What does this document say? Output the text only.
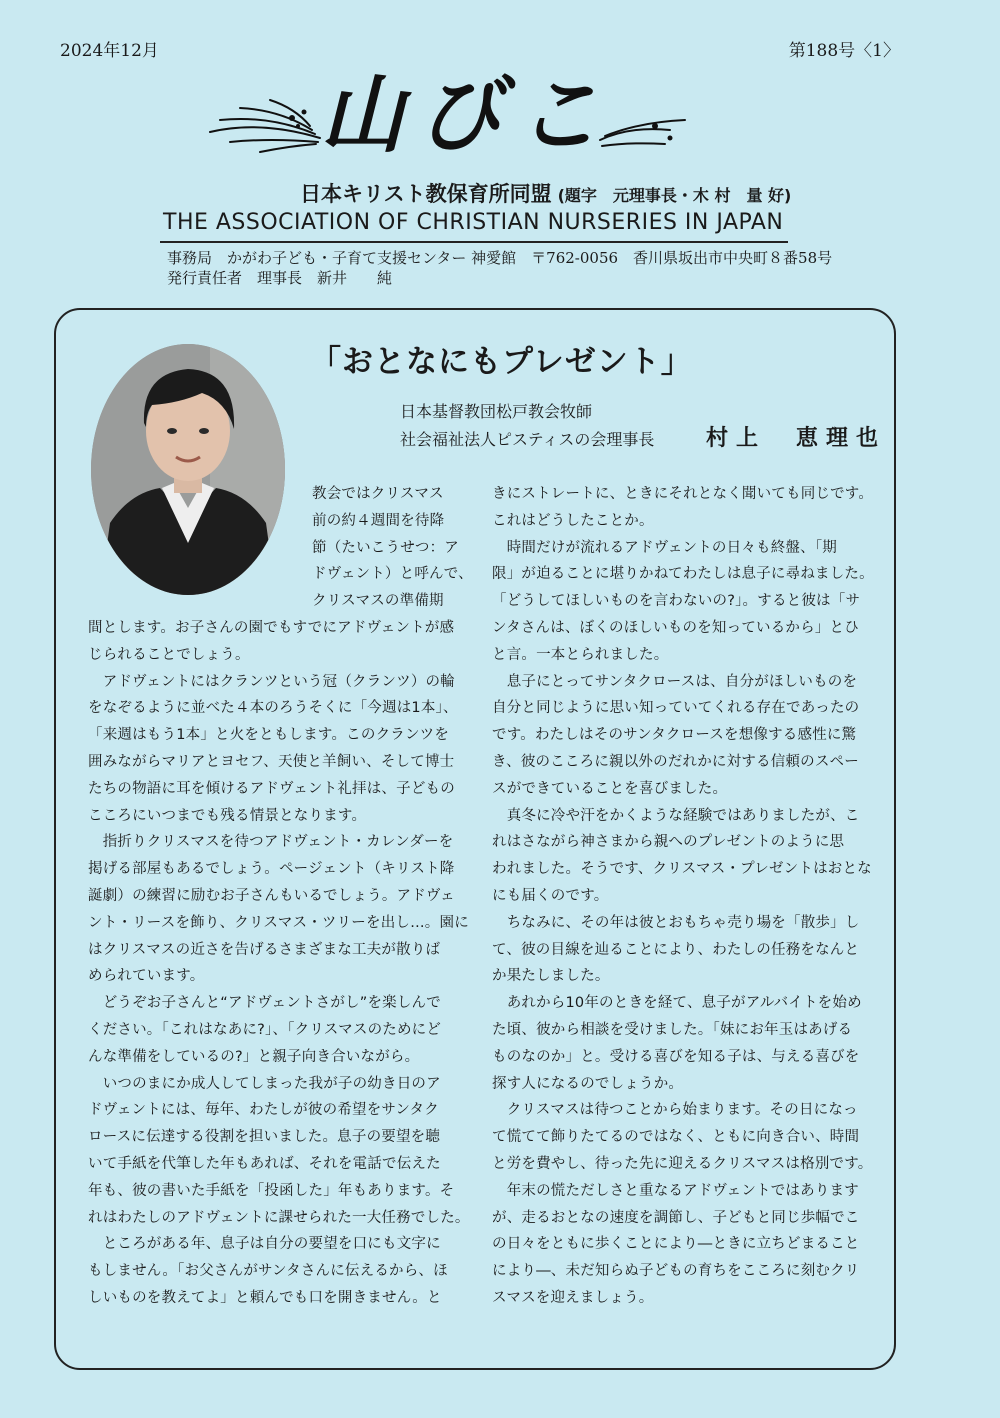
2024年12月	第188号〈1〉
山びこ
日本キリスト教保育所同盟 (題字　元理事長・木 村　量 好)
THE ASSOCIATION OF CHRISTIAN NURSERIES IN JAPAN
事務局　かがわ子ども・子育て支援センター 神愛館　〒762-0056　香川県坂出市中央町８番58号
発行責任者　理事長　新井　　純
「おとなにもプレゼント」
日本基督教団松戸教会牧師
社会福祉法人ピスティスの会理事長 村上　恵理也
教会ではクリスマス
前の約４週間を待降
節（たいこうせつ：ア
ドヴェント）と呼んで、
クリスマスの準備期
間とします。お子さんの園でもすでにアドヴェントが感
じられることでしょう。
　アドヴェントにはクランツという冠（クランツ）の輪
をなぞるように並べた４本のろうそくに「今週は1本」、
「来週はもう1本」と火をともします。このクランツを
囲みながらマリアとヨセフ、天使と羊飼い、そして博士
たちの物語に耳を傾けるアドヴェント礼拝は、子どもの
こころにいつまでも残る情景となります。
　指折りクリスマスを待つアドヴェント・カレンダーを
掲げる部屋もあるでしょう。ページェント（キリスト降
誕劇）の練習に励むお子さんもいるでしょう。アドヴェ
ント・リースを飾り、クリスマス・ツリーを出し…。園に
はクリスマスの近さを告げるさまざまな工夫が散りば
められています。
　どうぞお子さんと“アドヴェントさがし”を楽しんで
ください。「これはなあに?」、「クリスマスのためにど
んな準備をしているの?」と親子向き合いながら。
　いつのまにか成人してしまった我が子の幼き日のア
ドヴェントには、毎年、わたしが彼の希望をサンタク
ロースに伝達する役割を担いました。息子の要望を聴
いて手紙を代筆した年もあれば、それを電話で伝えた
年も、彼の書いた手紙を「投函した」年もあります。そ
れはわたしのアドヴェントに課せられた一大任務でした。
　ところがある年、息子は自分の要望を口にも文字に
もしません。「お父さんがサンタさんに伝えるから、ほ
しいものを教えてよ」と頼んでも口を開きません。と
きにストレートに、ときにそれとなく聞いても同じです。
これはどうしたことか。
　時間だけが流れるアドヴェントの日々も終盤、「期
限」が迫ることに堪りかねてわたしは息子に尋ねました。
「どうしてほしいものを言わないの?」。すると彼は「サ
ンタさんは、ぼくのほしいものを知っているから」とひ
と言。一本とられました。
　息子にとってサンタクロースは、自分がほしいものを
自分と同じように思い知っていてくれる存在であったの
です。わたしはそのサンタクロースを想像する感性に驚
き、彼のこころに親以外のだれかに対する信頼のスペー
スができていることを喜びました。
　真冬に冷や汗をかくような経験ではありましたが、こ
れはさながら神さまから親へのプレゼントのように思
われました。そうです、クリスマス・プレゼントはおとな
にも届くのです。
　ちなみに、その年は彼とおもちゃ売り場を「散歩」し
て、彼の目線を辿ることにより、わたしの任務をなんと
か果たしました。
　あれから10年のときを経て、息子がアルバイトを始め
た頃、彼から相談を受けました。「妹にお年玉はあげる
ものなのか」と。受ける喜びを知る子は、与える喜びを
探す人になるのでしょうか。
　クリスマスは待つことから始まります。その日になっ
て慌てて飾りたてるのではなく、ともに向き合い、時間
と労を費やし、待った先に迎えるクリスマスは格別です。
　年末の慌ただしさと重なるアドヴェントではあります
が、走るおとなの速度を調節し、子どもと同じ歩幅でこ
の日々をともに歩くことにより―ときに立ちどまること
により―、未だ知らぬ子どもの育ちをこころに刻むクリ
スマスを迎えましょう。
